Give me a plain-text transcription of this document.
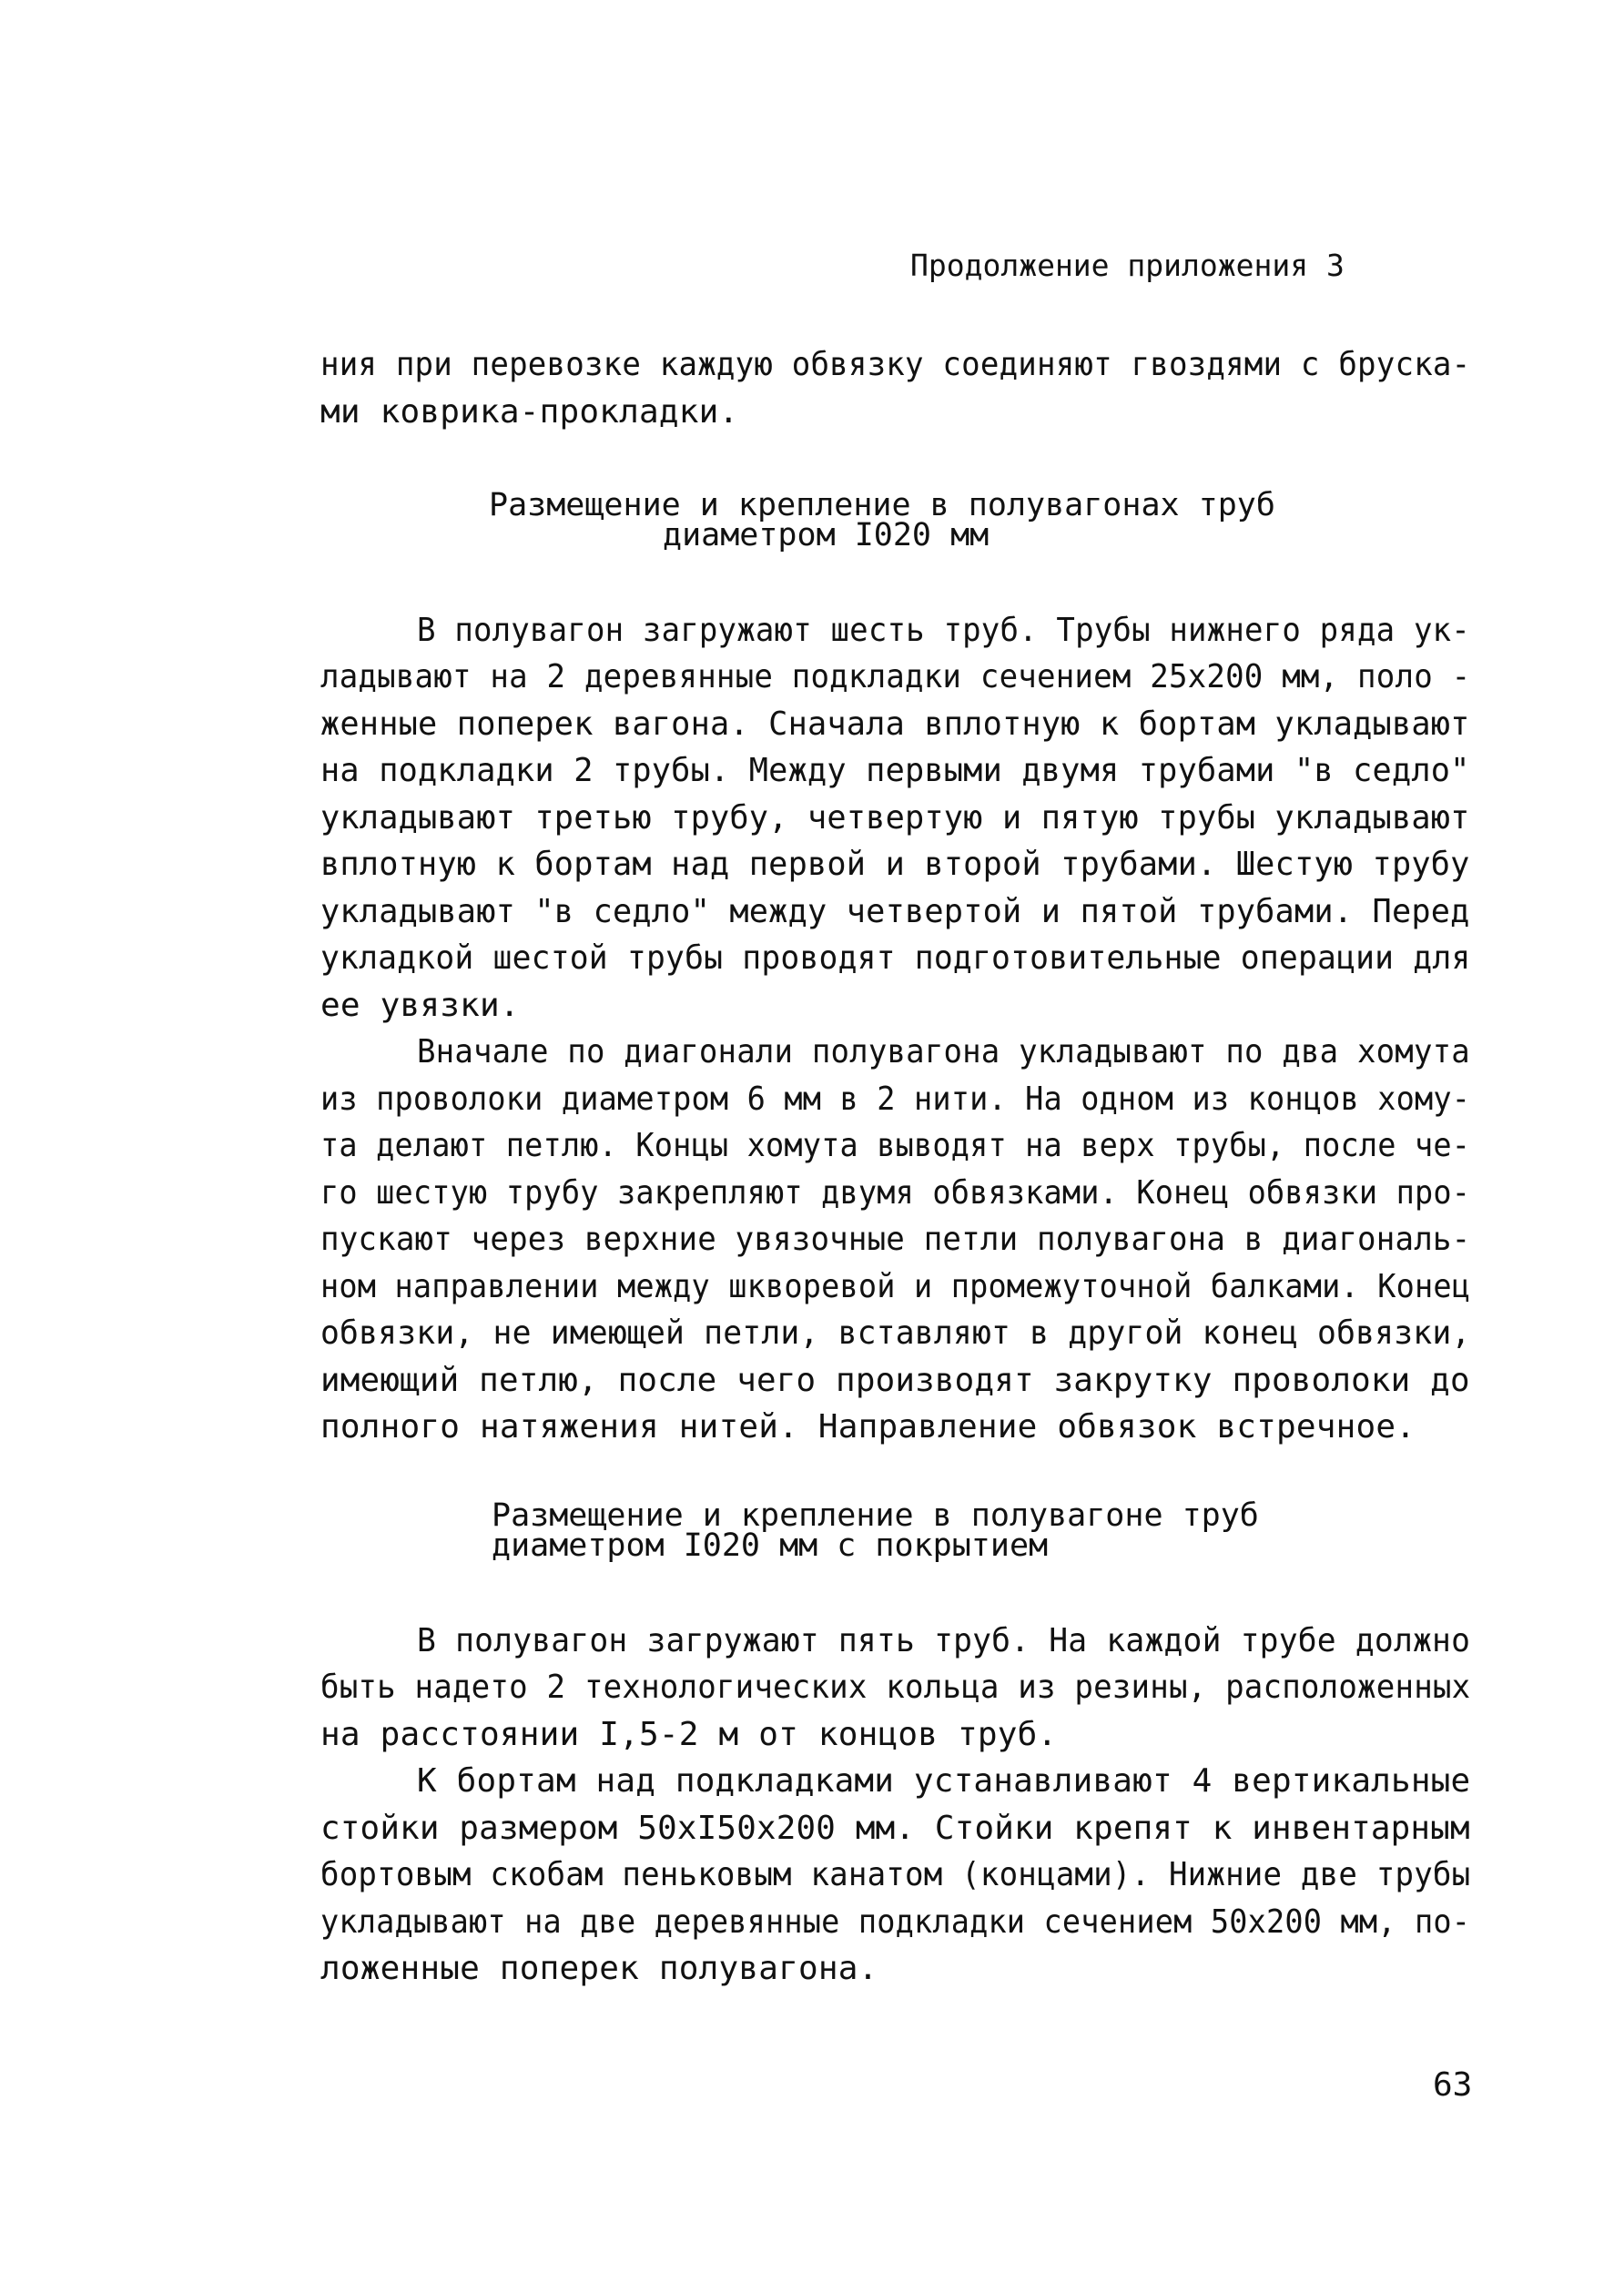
Продолжение приложения 3
ния при перевозке каждую обвязку соединяют гвоздями с бруска-
ми коврика-прокладки.
Размещение и крепление в полувагонах труб
диаметром I020 мм
В полувагон загружают шесть труб. Трубы нижнего ряда ук-
ладывают на 2 деревянные подкладки сечением 25х200 мм, поло -
женные поперек вагона. Сначала вплотную к бортам укладывают
на подкладки 2 трубы. Между первыми двумя трубами "в седло"
укладывают третью трубу, четвертую и пятую трубы укладывают
вплотную к бортам над первой и второй трубами. Шестую трубу
укладывают "в седло" между четвертой и пятой трубами. Перед
укладкой шестой трубы проводят подготовительные операции для
ее увязки.
Вначале по диагонали полувагона укладывают по два хомута
из проволоки диаметром 6 мм в 2 нити. На одном из концов хому-
та делают петлю. Концы хомута выводят на верх трубы, после че-
го шестую трубу закрепляют двумя обвязками. Конец обвязки про-
пускают через верхние увязочные петли полувагона в диагональ-
ном направлении между шкворевой и промежуточной балками. Конец
обвязки, не имеющей петли, вставляют в другой конец обвязки,
имеющий петлю, после чего производят закрутку проволоки до
полного натяжения нитей. Направление обвязок встречное.
Размещение и крепление в полувагоне труб
диаметром I020 мм с покрытием
В полувагон загружают пять труб. На каждой трубе должно
быть надето 2 технологических кольца из резины, расположенных
на расстоянии I,5-2 м от концов труб.
К бортам над подкладками устанавливают 4 вертикальные
стойки размером 50хI50х200 мм. Стойки крепят к инвентарным
бортовым скобам пеньковым канатом (концами). Нижние две трубы
укладывают на две деревянные подкладки сечением 50х200 мм, по-
ложенные поперек полувагона.
63
